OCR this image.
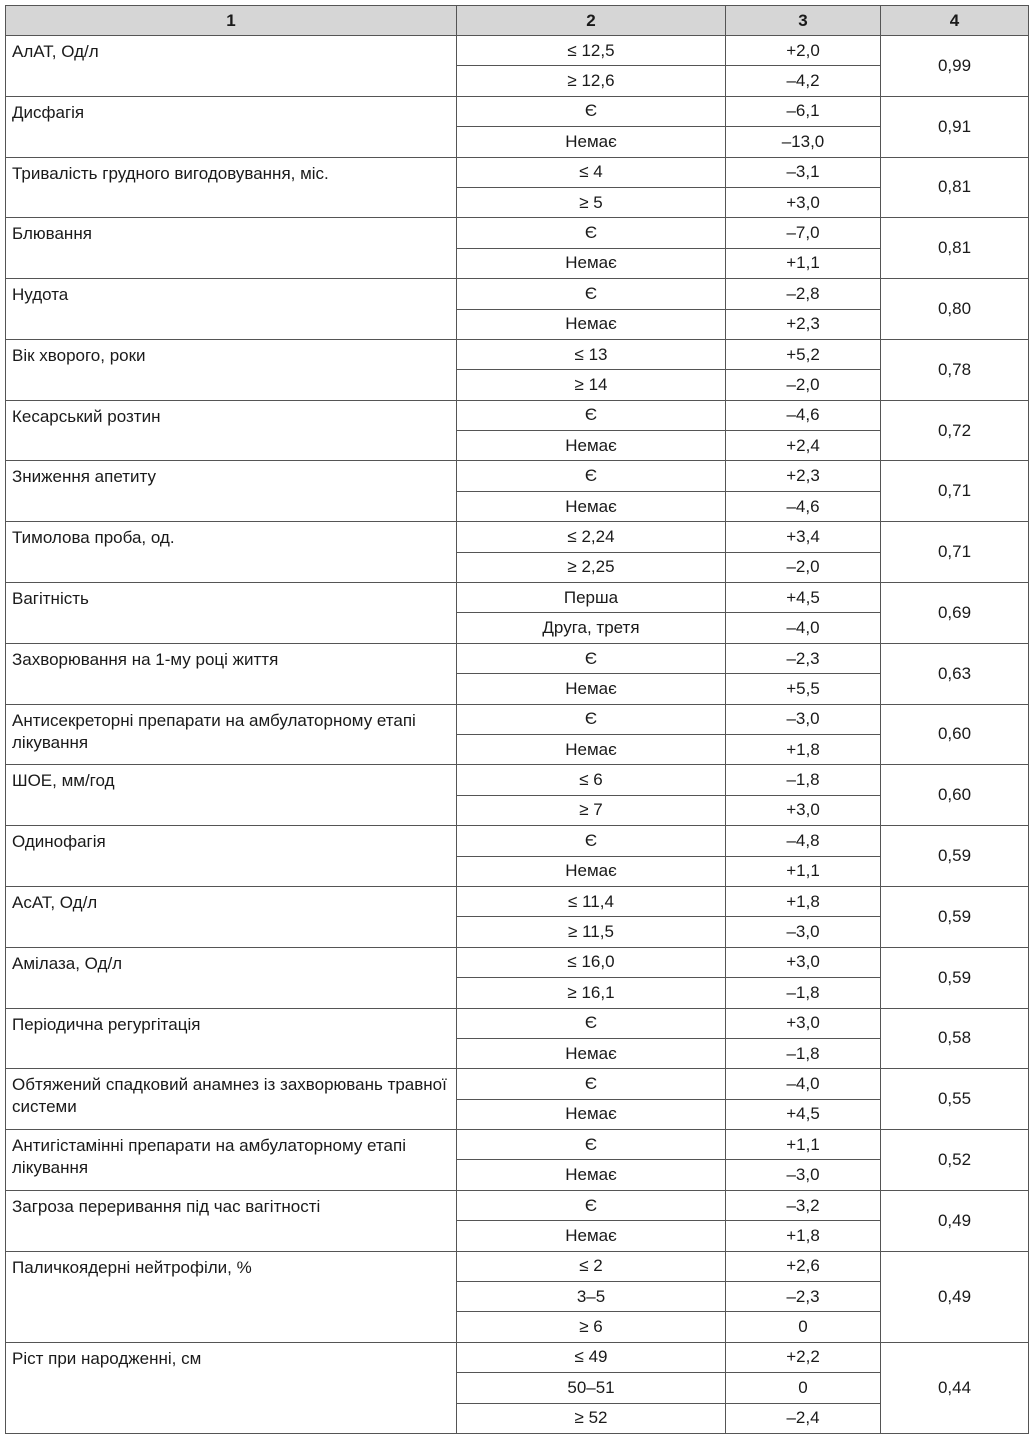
1	2	3	4
АлАТ, Од/л	≤ 12,5	+2,0	0,99
	≥ 12,6	–4,2	
Дисфагія	Є	–6,1	0,91
	Немає	–13,0	
Тривалість грудного вигодовування, міс.	≤ 4	–3,1	0,81
	≥ 5	+3,0	
Блювання	Є	–7,0	0,81
	Немає	+1,1	
Нудота	Є	–2,8	0,80
	Немає	+2,3	
Вік хворого, роки	≤ 13	+5,2	0,78
	≥ 14	–2,0	
Кесарський розтин	Є	–4,6	0,72
	Немає	+2,4	
Зниження апетиту	Є	+2,3	0,71
	Немає	–4,6	
Тимолова проба, од.	≤ 2,24	+3,4	0,71
	≥ 2,25	–2,0	
Вагітність	Перша	+4,5	0,69
	Друга, третя	–4,0	
Захворювання на 1-му році життя	Є	–2,3	0,63
	Немає	+5,5	
Антисекреторні препарати на амбулаторному етапі лікування	Є	–3,0	0,60
	Немає	+1,8	
ШОЕ, мм/год	≤ 6	–1,8	0,60
	≥ 7	+3,0	
Одинофагія	Є	–4,8	0,59
	Немає	+1,1	
АсАТ, Од/л	≤ 11,4	+1,8	0,59
	≥ 11,5	–3,0	
Амілаза, Од/л	≤ 16,0	+3,0	0,59
	≥ 16,1	–1,8	
Періодична регургітація	Є	+3,0	0,58
	Немає	–1,8	
Обтяжений спадковий анамнез із захворювань травної системи	Є	–4,0	0,55
	Немає	+4,5	
Антигістамінні препарати на амбулаторному етапі лікування	Є	+1,1	0,52
	Немає	–3,0	
Загроза переривання під час вагітності	Є	–3,2	0,49
	Немає	+1,8	
Паличкоядерні нейтрофіли, %	≤ 2	+2,6	0,49
	3–5	–2,3	
	≥ 6	0	
Ріст при народженні, см	≤ 49	+2,2	0,44
	50–51	0	
	≥ 52	–2,4	
